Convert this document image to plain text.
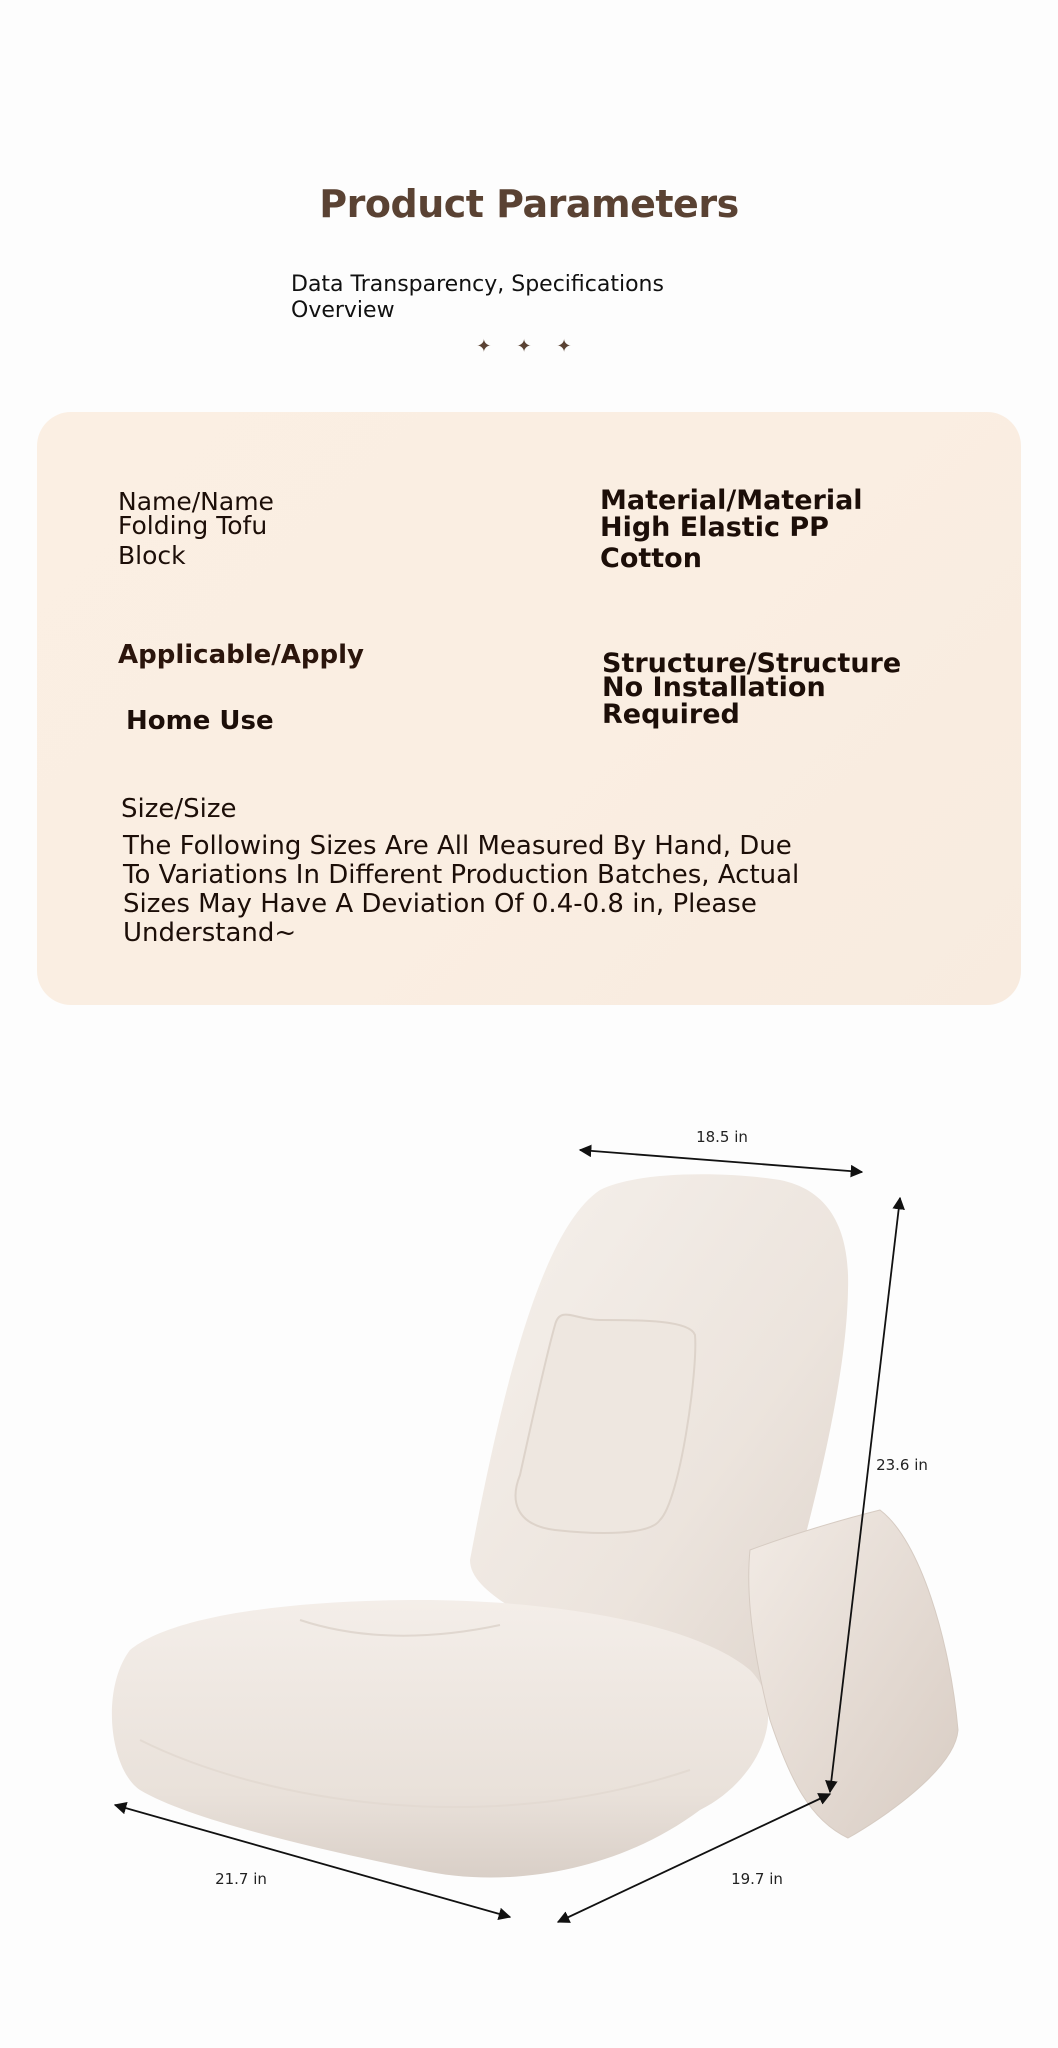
Product Parameters
Data Transparency, Specifications Overview
✦ ✦ ✦
Name/Name
Folding Tofu Block
Material/Material
High Elastic PP Cotton
Applicable/Apply
Home Use
Structure/Structure
No Installation Required
Size/Size
The Following Sizes Are All Measured By Hand, Due To Variations In Different Production Batches, Actual Sizes May Have A Deviation Of 0.4-0.8 in, Please Understand~
18.5 in
23.6 in
21.7 in	19.7 in
